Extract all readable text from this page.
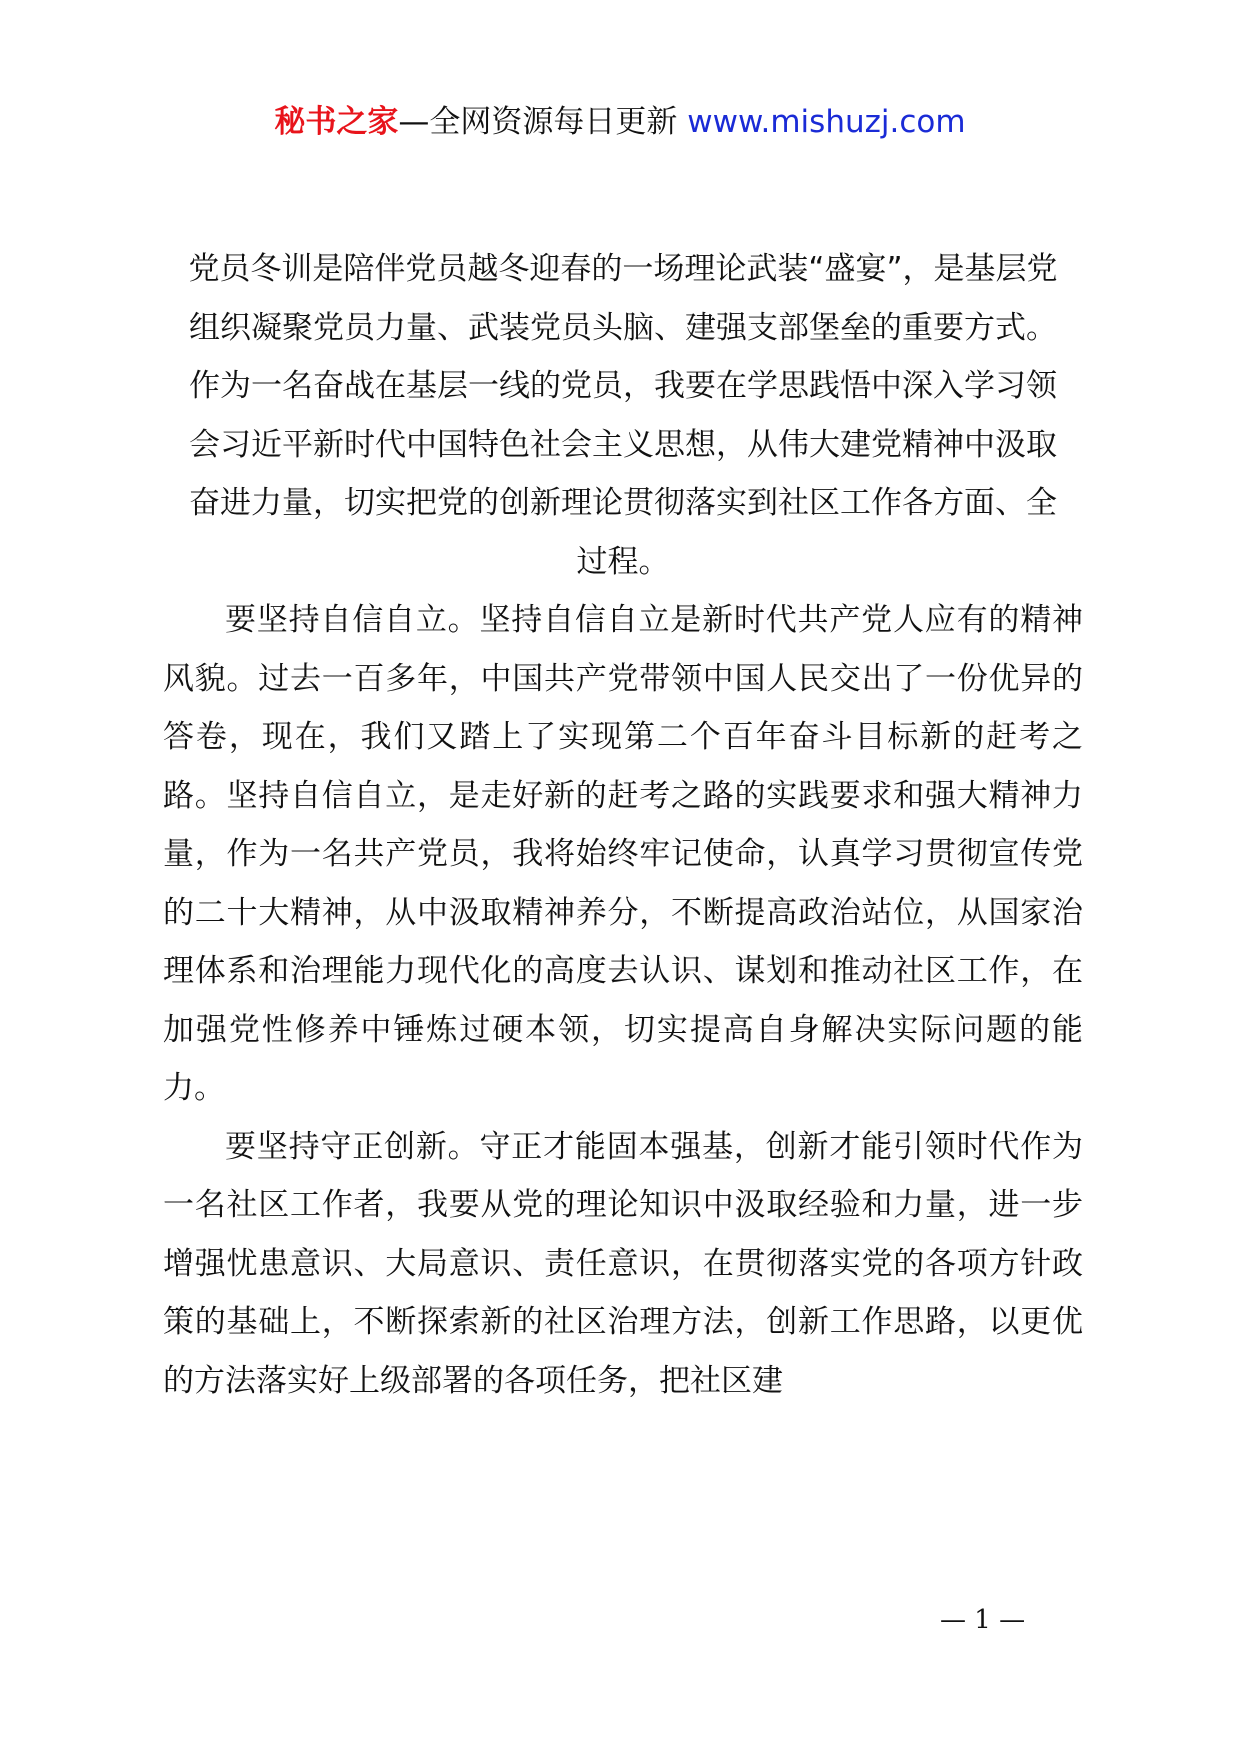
秘书之家—全网资源每日更新 www.mishuzj.com

党员冬训是陪伴党员越冬迎春的一场理论武装“盛宴”，是基层党组织凝聚党员力量、武装党员头脑、建强支部堡垒的重要方式。作为一名奋战在基层一线的党员，我要在学思践悟中深入学习领会习近平新时代中国特色社会主义思想，从伟大建党精神中汲取奋进力量，切实把党的创新理论贯彻落实到社区工作各方面、全过程。

要坚持自信自立。坚持自信自立是新时代共产党人应有的精神风貌。过去一百多年，中国共产党带领中国人民交出了一份优异的答卷，现在，我们又踏上了实现第二个百年奋斗目标新的赶考之路。坚持自信自立，是走好新的赶考之路的实践要求和强大精神力量，作为一名共产党员，我将始终牢记使命，认真学习贯彻宣传党的二十大精神，从中汲取精神养分，不断提高政治站位，从国家治理体系和治理能力现代化的高度去认识、谋划和推动社区工作，在加强党性修养中锤炼过硬本领，切实提高自身解决实际问题的能力。

要坚持守正创新。守正才能固本强基，创新才能引领时代作为一名社区工作者，我要从党的理论知识中汲取经验和力量，进一步增强忧患意识、大局意识、责任意识，在贯彻落实党的各项方针政策的基础上，不断探索新的社区治理方法，创新工作思路，以更优的方法落实好上级部署的各项任务，把社区建

— 1 —
